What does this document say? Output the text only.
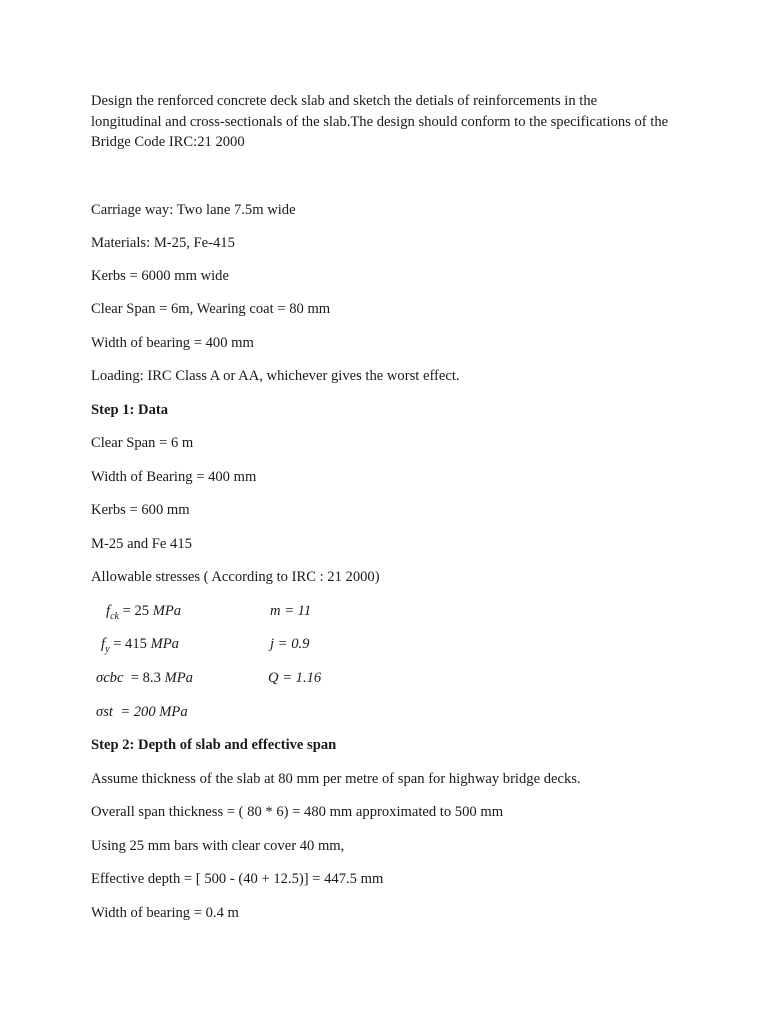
Design the renforced concrete deck slab and sketch the detials of reinforcements in the
longitudinal and cross-sectionals of the slab.The design should conform to the specifications of the
Bridge Code IRC:21 2000

Carriage way: Two lane 7.5m wide

Materials: M-25, Fe-415

Kerbs = 6000 mm wide

Clear Span = 6m, Wearing coat = 80 mm

Width of bearing = 400 mm

Loading: IRC Class A or AA, whichever gives the worst effect.

Step 1: Data

Clear Span = 6 m

Width of Bearing = 400 mm

Kerbs = 600 mm

M-25 and Fe 415

Allowable stresses ( According to IRC : 21 2000)

$f_{ck} = 25$ MPa	m = 11
$f_y = 415$ MPa	j = 0.9
σcbc  = 8.3 MPa	Q = 1.16
σst  = 200 MPa

Step 2: Depth of slab and effective span

Assume thickness of the slab at 80 mm per metre of span for highway bridge decks.

Overall span thickness = ( 80 * 6) = 480 mm approximated to 500 mm

Using 25 mm bars with clear cover 40 mm,

Effective depth = [ 500 - (40 + 12.5)] = 447.5 mm

Width of bearing = 0.4 m
